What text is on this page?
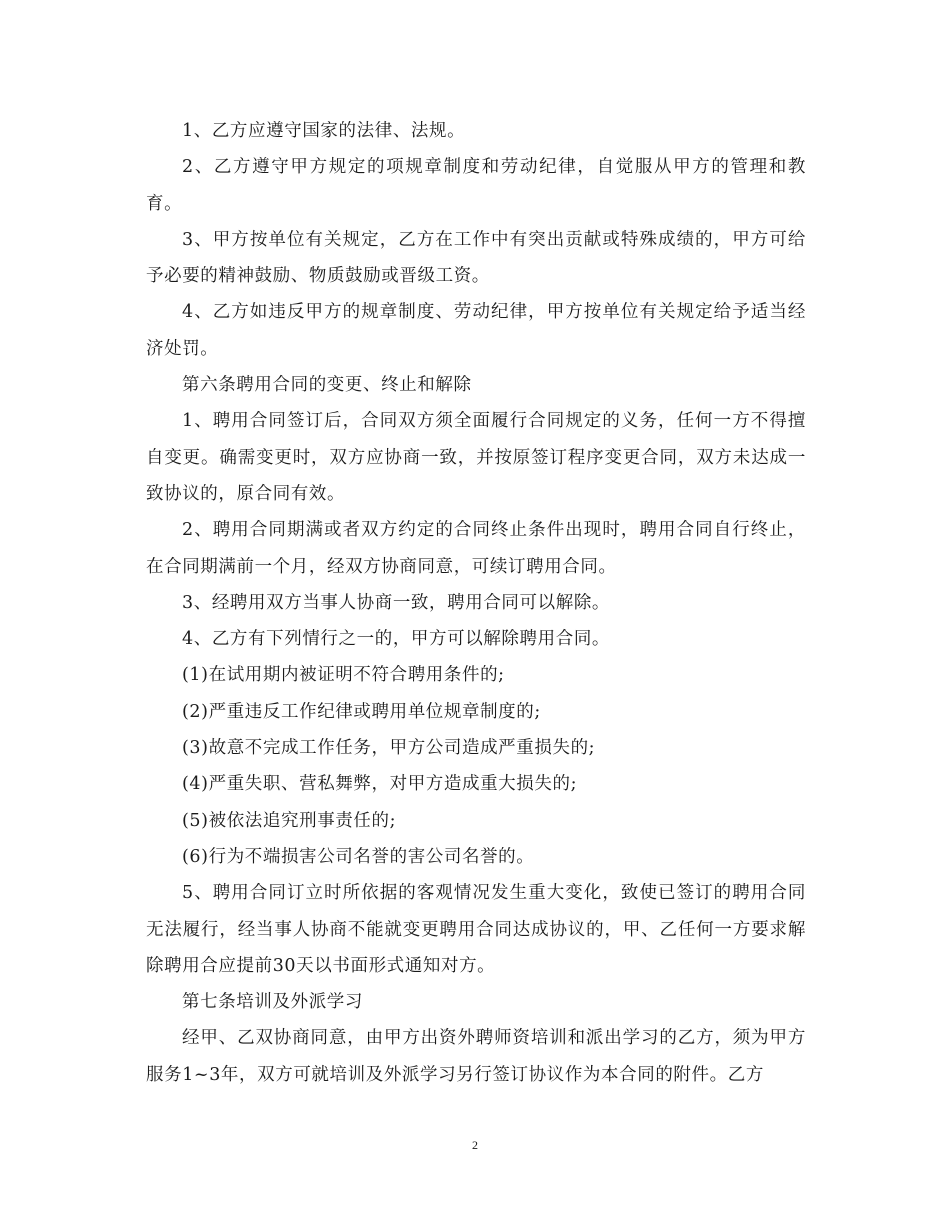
1、乙方应遵守国家的法律、法规。

2、乙方遵守甲方规定的项规章制度和劳动纪律，自觉服从甲方的管理和教育。

3、甲方按单位有关规定，乙方在工作中有突出贡献或特殊成绩的，甲方可给予必要的精神鼓励、物质鼓励或晋级工资。

4、乙方如违反甲方的规章制度、劳动纪律，甲方按单位有关规定给予适当经济处罚。

第六条聘用合同的变更、终止和解除

1、聘用合同签订后，合同双方须全面履行合同规定的义务，任何一方不得擅自变更。确需变更时，双方应协商一致，并按原签订程序变更合同，双方未达成一致协议的，原合同有效。

2、聘用合同期满或者双方约定的合同终止条件出现时，聘用合同自行终止，在合同期满前一个月，经双方协商同意，可续订聘用合同。

3、经聘用双方当事人协商一致，聘用合同可以解除。

4、乙方有下列情行之一的，甲方可以解除聘用合同。

(1)在试用期内被证明不符合聘用条件的;

(2)严重违反工作纪律或聘用单位规章制度的;

(3)故意不完成工作任务，甲方公司造成严重损失的;

(4)严重失职、营私舞弊，对甲方造成重大损失的;

(5)被依法追究刑事责任的;

(6)行为不端损害公司名誉的害公司名誉的。

5、聘用合同订立时所依据的客观情况发生重大变化，致使已签订的聘用合同无法履行，经当事人协商不能就变更聘用合同达成协议的，甲、乙任何一方要求解除聘用合应提前30天以书面形式通知对方。

第七条培训及外派学习

经甲、乙双协商同意，由甲方出资外聘师资培训和派出学习的乙方，须为甲方服务1~3年，双方可就培训及外派学习另行签订协议作为本合同的附件。乙方

2
